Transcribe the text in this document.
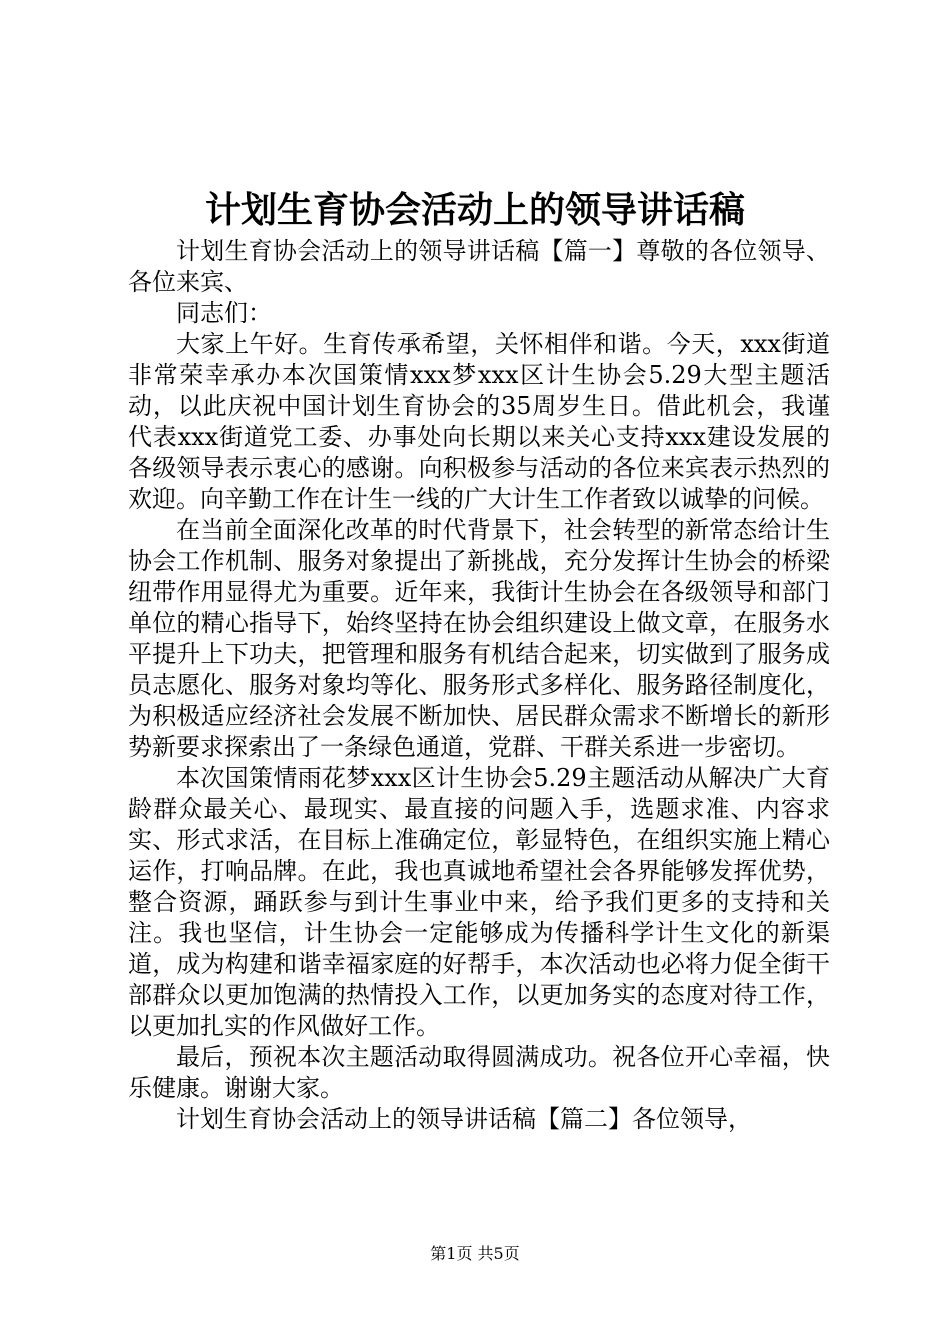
计划生育协会活动上的领导讲话稿

计划生育协会活动上的领导讲话稿【篇一】尊敬的各位领导、各位来宾、

同志们：

大家上午好。生育传承希望，关怀相伴和谐。今天，xxx街道非常荣幸承办本次国策情xxx梦xxx区计生协会5.29大型主题活动，以此庆祝中国计划生育协会的35周岁生日。借此机会，我谨代表xxx街道党工委、办事处向长期以来关心支持xxx建设发展的各级领导表示衷心的感谢。向积极参与活动的各位来宾表示热烈的欢迎。向辛勤工作在计生一线的广大计生工作者致以诚挚的问候。

在当前全面深化改革的时代背景下，社会转型的新常态给计生协会工作机制、服务对象提出了新挑战，充分发挥计生协会的桥梁纽带作用显得尤为重要。近年来，我街计生协会在各级领导和部门单位的精心指导下，始终坚持在协会组织建设上做文章，在服务水平提升上下功夫，把管理和服务有机结合起来，切实做到了服务成员志愿化、服务对象均等化、服务形式多样化、服务路径制度化，为积极适应经济社会发展不断加快、居民群众需求不断增长的新形势新要求探索出了一条绿色通道，党群、干群关系进一步密切。

本次国策情雨花梦xxx区计生协会5.29主题活动从解决广大育龄群众最关心、最现实、最直接的问题入手，选题求准、内容求实、形式求活，在目标上准确定位，彰显特色，在组织实施上精心运作，打响品牌。在此，我也真诚地希望社会各界能够发挥优势，整合资源，踊跃参与到计生事业中来，给予我们更多的支持和关注。我也坚信，计生协会一定能够成为传播科学计生文化的新渠道，成为构建和谐幸福家庭的好帮手，本次活动也必将力促全街干部群众以更加饱满的热情投入工作，以更加务实的态度对待工作，以更加扎实的作风做好工作。

最后，预祝本次主题活动取得圆满成功。祝各位开心幸福，快乐健康。谢谢大家。

计划生育协会活动上的领导讲话稿【篇二】各位领导，

第1页 共5页
